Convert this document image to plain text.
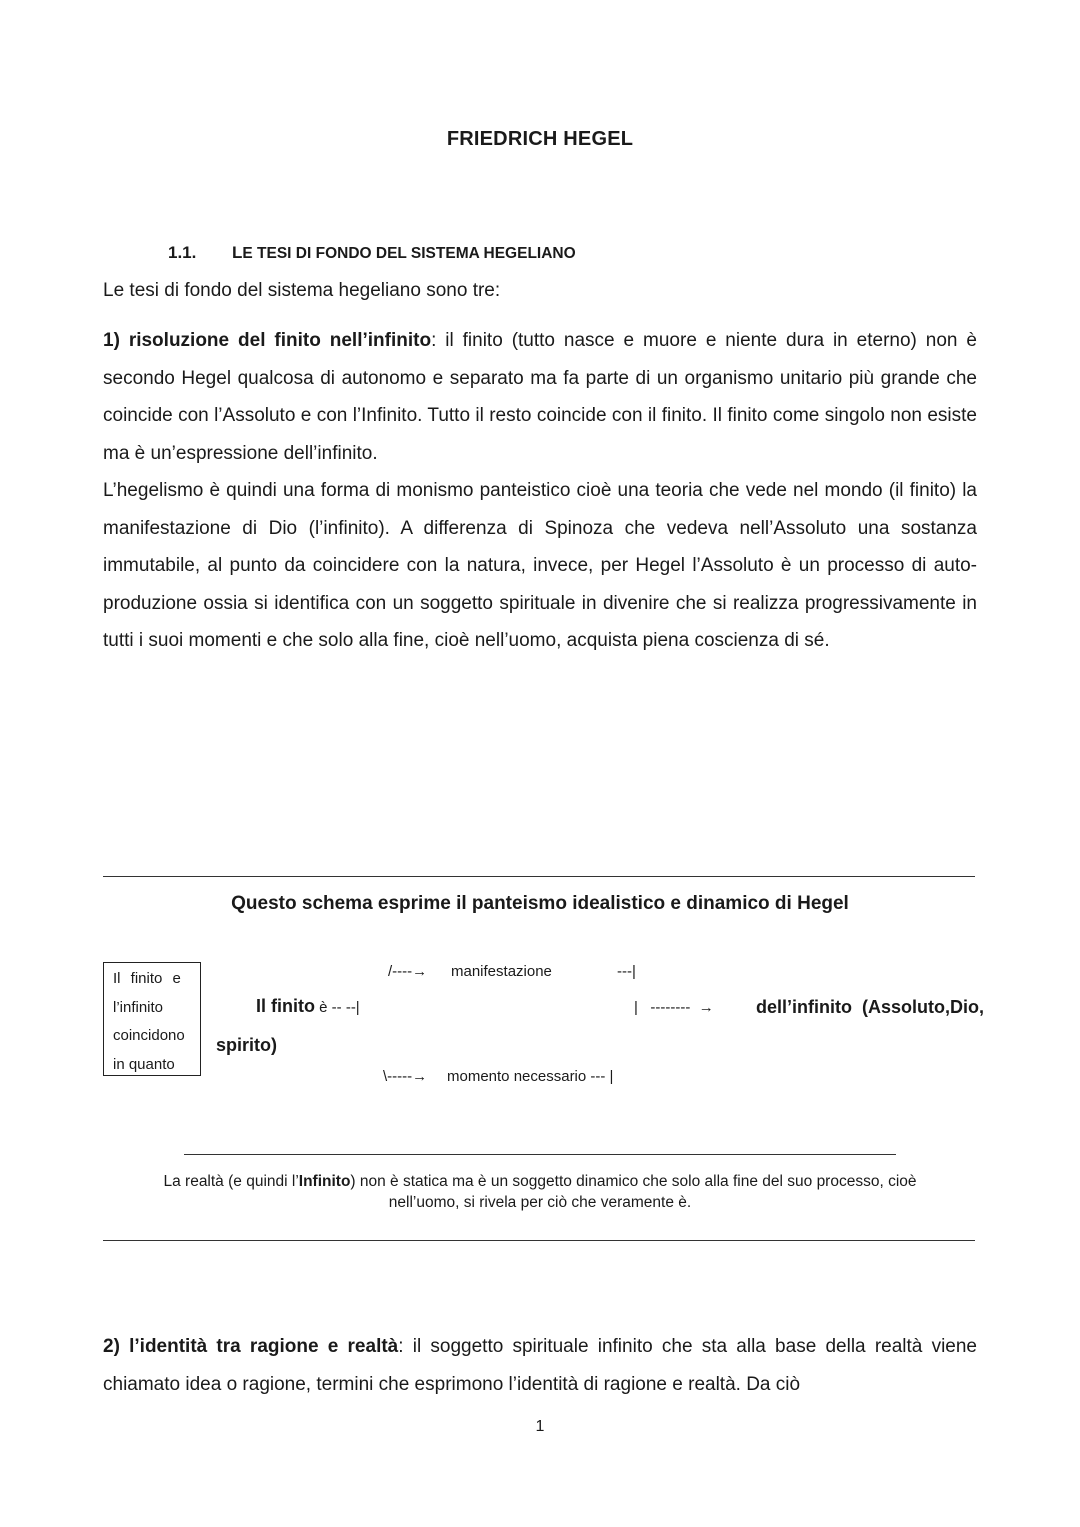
FRIEDRICH HEGEL
1.1. LE TESI DI FONDO DEL SISTEMA HEGELIANO
Le tesi di fondo del sistema hegeliano sono tre:

1) risoluzione del finito nell’infinito: il finito (tutto nasce e muore e niente dura in eterno) non è secondo Hegel qualcosa di autonomo e separato ma fa parte di un organismo unitario più grande che coincide con l’Assoluto e con l’Infinito. Tutto il resto coincide con il finito. Il finito come singolo non esiste ma è un’espressione dell’infinito.

L’hegelismo è quindi una forma di monismo panteistico cioè una teoria che vede nel mondo (il finito) la manifestazione di Dio (l’infinito). A differenza di Spinoza che vedeva nell’Assoluto una sostanza immutabile, al punto da coincidere con la natura, invece, per Hegel l’Assoluto è un processo di auto-produzione ossia si identifica con un soggetto spirituale in divenire che si realizza progressivamente in tutti i suoi momenti e che solo alla fine, cioè nell’uomo, acquista piena coscienza di sé.

Questo schema esprime il panteismo idealistico e dinamico di Hegel
Il finito e
l’infinito
coincidono
in quanto
Il finito è -- --|
spirito)
/----→ manifestazione	---|
\-----→ momento necessario --- |
|   --------  → dell’infinito  (Assoluto,Dio,
La realtà (e quindi l’Infinito) non è statica ma è un soggetto dinamico che solo alla fine del suo processo, cioè nell’uomo, si rivela per ciò che veramente è.

2) l’identità tra ragione e realtà: il soggetto spirituale infinito che sta alla base della realtà viene chiamato idea o ragione, termini che esprimono l’identità di ragione e realtà. Da ciò

1
